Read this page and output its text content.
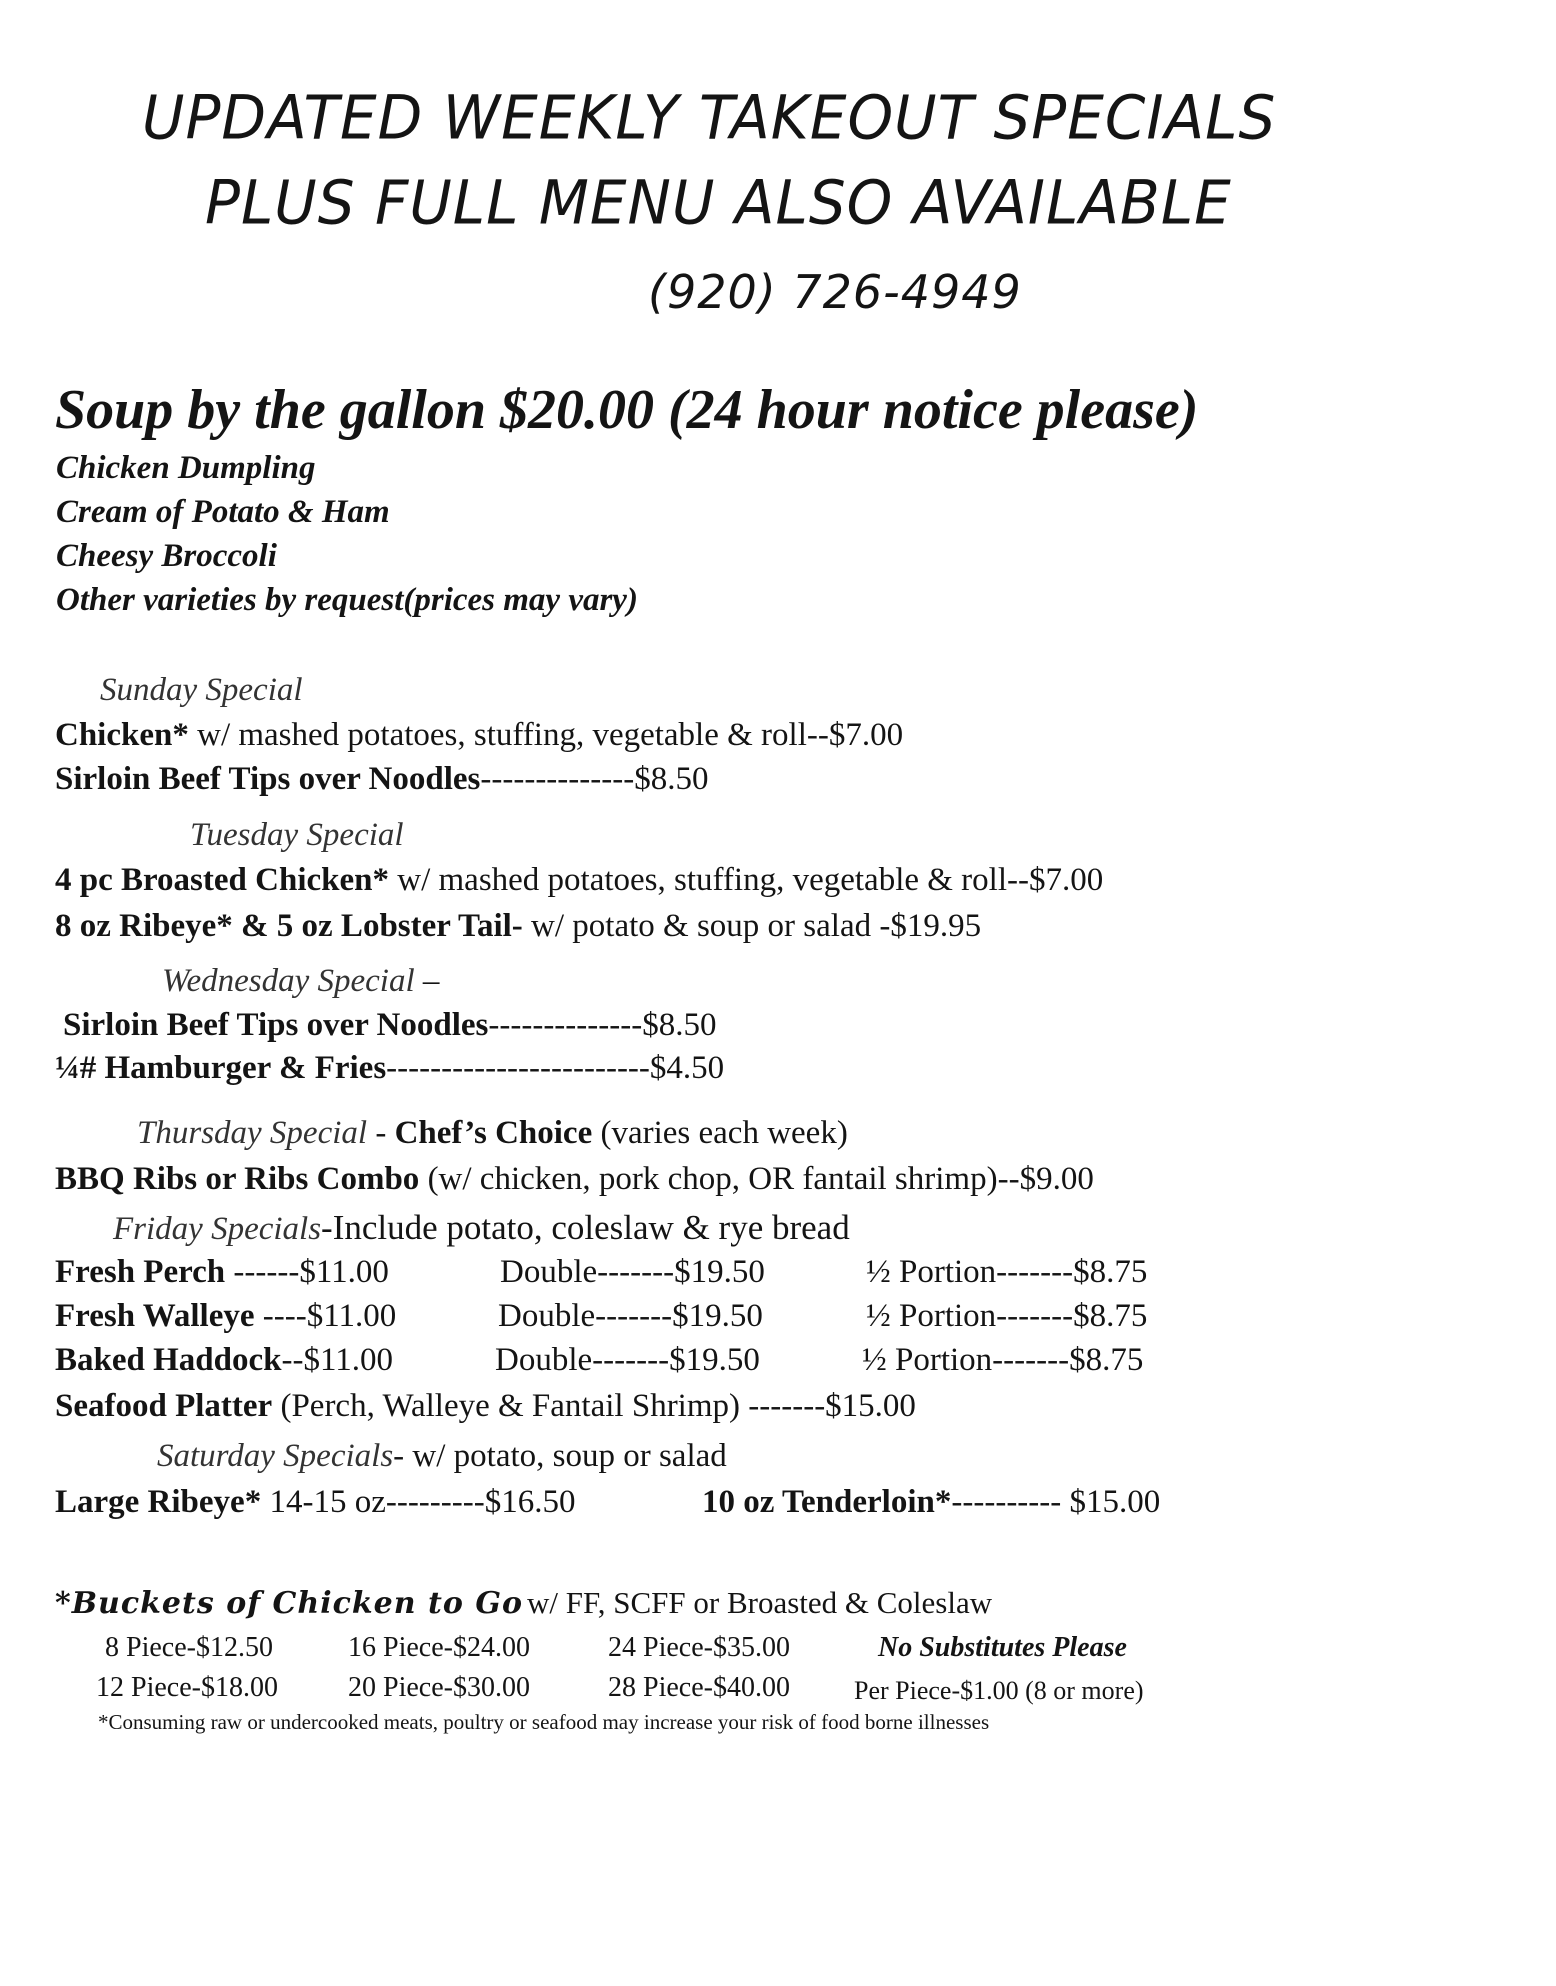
UPDATED WEEKLY TAKEOUT SPECIALS
PLUS FULL MENU ALSO AVAILABLE
(920) 726-4949
Soup by the gallon $20.00 (24 hour notice please)
Chicken Dumpling
Cream of Potato & Ham
Cheesy Broccoli
Other varieties by request(prices may vary)
Sunday Special
Chicken* w/ mashed potatoes, stuffing, vegetable & roll--$7.00
Sirloin Beef Tips over Noodles--------------$8.50
Tuesday Special
4 pc Broasted Chicken* w/ mashed potatoes, stuffing, vegetable & roll--$7.00
8 oz Ribeye* & 5 oz Lobster Tail- w/ potato & soup or salad -$19.95
Wednesday Special –
Sirloin Beef Tips over Noodles--------------$8.50
¼# Hamburger & Fries------------------------$4.50
Thursday Special - Chef’s Choice (varies each week)
BBQ Ribs or Ribs Combo (w/ chicken, pork chop, OR fantail shrimp)--$9.00
Friday Specials-Include potato, coleslaw & rye bread
Fresh Perch ------$11.00	Double-------$19.50	½ Portion-------$8.75
Fresh Walleye ----$11.00	Double-------$19.50	½ Portion-------$8.75
Baked Haddock--$11.00	Double-------$19.50	½ Portion-------$8.75
Seafood Platter (Perch, Walleye & Fantail Shrimp) -------$15.00
Saturday Specials- w/ potato, soup or salad
Large Ribeye* 14-15 oz---------$16.50	10 oz Tenderloin*---------- $15.00
*Buckets of Chicken to Go w/ FF, SCFF or Broasted & Coleslaw
8 Piece-$12.50	16 Piece-$24.00	24 Piece-$35.00	No Substitutes Please
12 Piece-$18.00	20 Piece-$30.00	28 Piece-$40.00 Per Piece-$1.00 (8 or more)
*Consuming raw or undercooked meats, poultry or seafood may increase your risk of food borne illnesses
